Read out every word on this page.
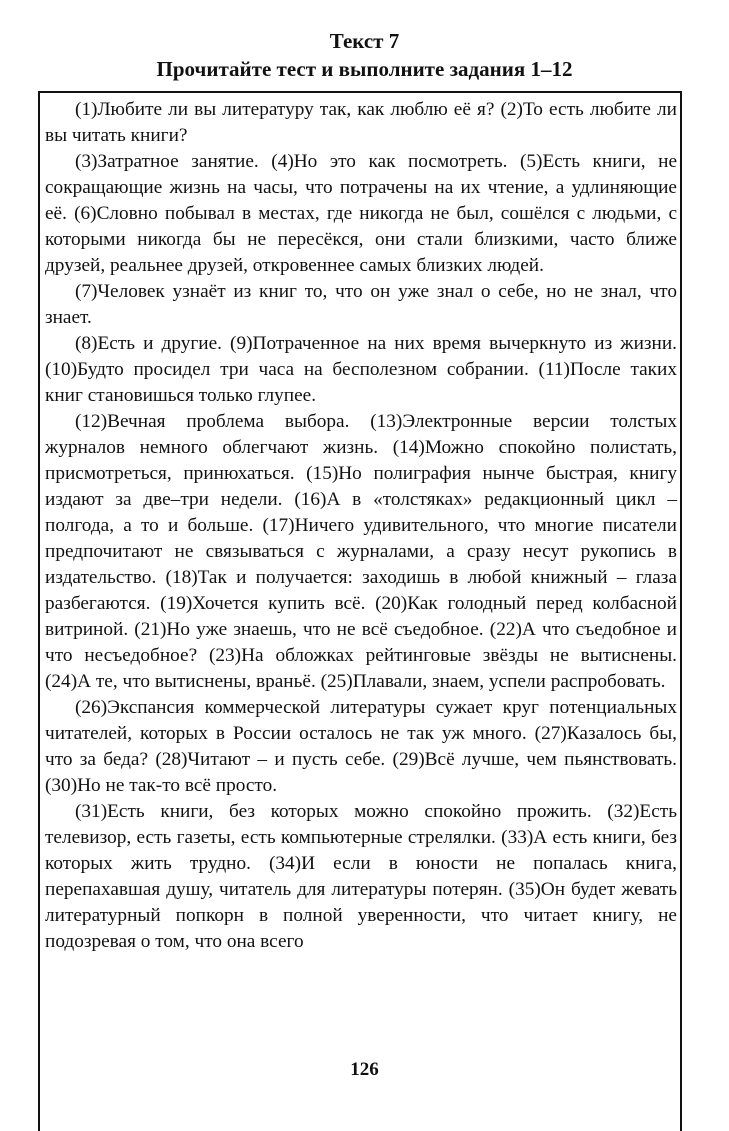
Текст 7
Прочитайте тест и выполните задания 1–12

(1)Любите ли вы литературу так, как люблю её я? (2)То есть любите ли вы читать книги?

(3)Затратное занятие. (4)Но это как посмотреть. (5)Есть книги, не сокращающие жизнь на часы, что потрачены на их чтение, а удлиняющие её. (6)Словно побывал в местах, где никогда не был, сошёлся с людьми, с которыми никогда бы не пересёкся, они стали близкими, часто ближе друзей, реальнее друзей, откровеннее самых близких людей.

(7)Человек узнаёт из книг то, что он уже знал о себе, но не знал, что знает.

(8)Есть и другие. (9)Потраченное на них время вычеркнуто из жизни. (10)Будто просидел три часа на бесполезном собрании. (11)После таких книг становишься только глупее.

(12)Вечная проблема выбора. (13)Электронные версии толстых журналов немного облегчают жизнь. (14)Можно спокойно полистать, присмотреться, принюхаться. (15)Но полиграфия нынче быстрая, книгу издают за две–три недели. (16)А в «толстяках» редакционный цикл – полгода, а то и больше. (17)Ничего удивительного, что многие писатели предпочитают не связываться с журналами, а сразу несут рукопись в издательство. (18)Так и получается: заходишь в любой книжный – глаза разбегаются. (19)Хочется купить всё. (20)Как голодный перед колбасной витриной. (21)Но уже знаешь, что не всё съедобное. (22)А что съедобное и что несъедобное? (23)На обложках рейтинговые звёзды не вытиснены. (24)А те, что вытиснены, враньё. (25)Плавали, знаем, успели распробовать.

(26)Экспансия коммерческой литературы сужает круг потенциальных читателей, которых в России осталось не так уж много. (27)Казалось бы, что за беда? (28)Читают – и пусть себе. (29)Всё лучше, чем пьянствовать. (30)Но не так-то всё просто.

(31)Есть книги, без которых можно спокойно прожить. (32)Есть телевизор, есть газеты, есть компьютерные стрелялки. (33)А есть книги, без которых жить трудно. (34)И если в юности не попалась книга, перепахавшая душу, читатель для литературы потерян. (35)Он будет жевать литературный попкорн в полной уверенности, что читает книгу, не подозревая о том, что она всего

126
